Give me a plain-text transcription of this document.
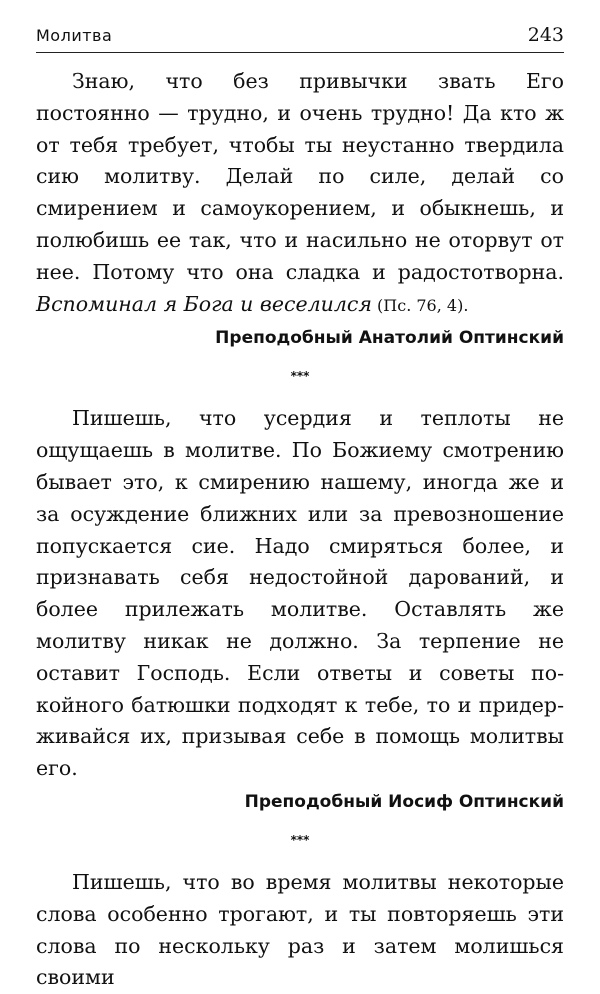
Молитва	243

Знаю, что без привычки звать Его постоянно — трудно, и очень трудно! Да кто ж от тебя требует, чтобы ты неустанно твердила сию молитву. Делай по силе, делай со смирением и самоукорением, и обыкнешь, и полюбишь ее так, что и насильно не оторвут от нее. Потому что она сладка и радостотворна. Вспоминал я Бога и веселился (Пс. 76, 4).

Преподобный Анатолий Оптинский

***

Пишешь, что усердия и теплоты не ощущаешь в молитве. По Божиему смотрению бывает это, к смирению нашему, иногда же и за осуждение ближних или за превозношение попускается сие. Надо смиряться более, и признавать себя недостойной дарований, и более прилежать молитве. Оставлять же молитву никак не должно. За терпение не оставит Господь. Если ответы и советы покойного батюшки подходят к тебе, то и придерживайся их, призывая себе в помощь молитвы его.

Преподобный Иосиф Оптинский

***

Пишешь, что во время молитвы некоторые слова особенно трогают, и ты повторяешь эти слова по нескольку раз и затем молишься своими
